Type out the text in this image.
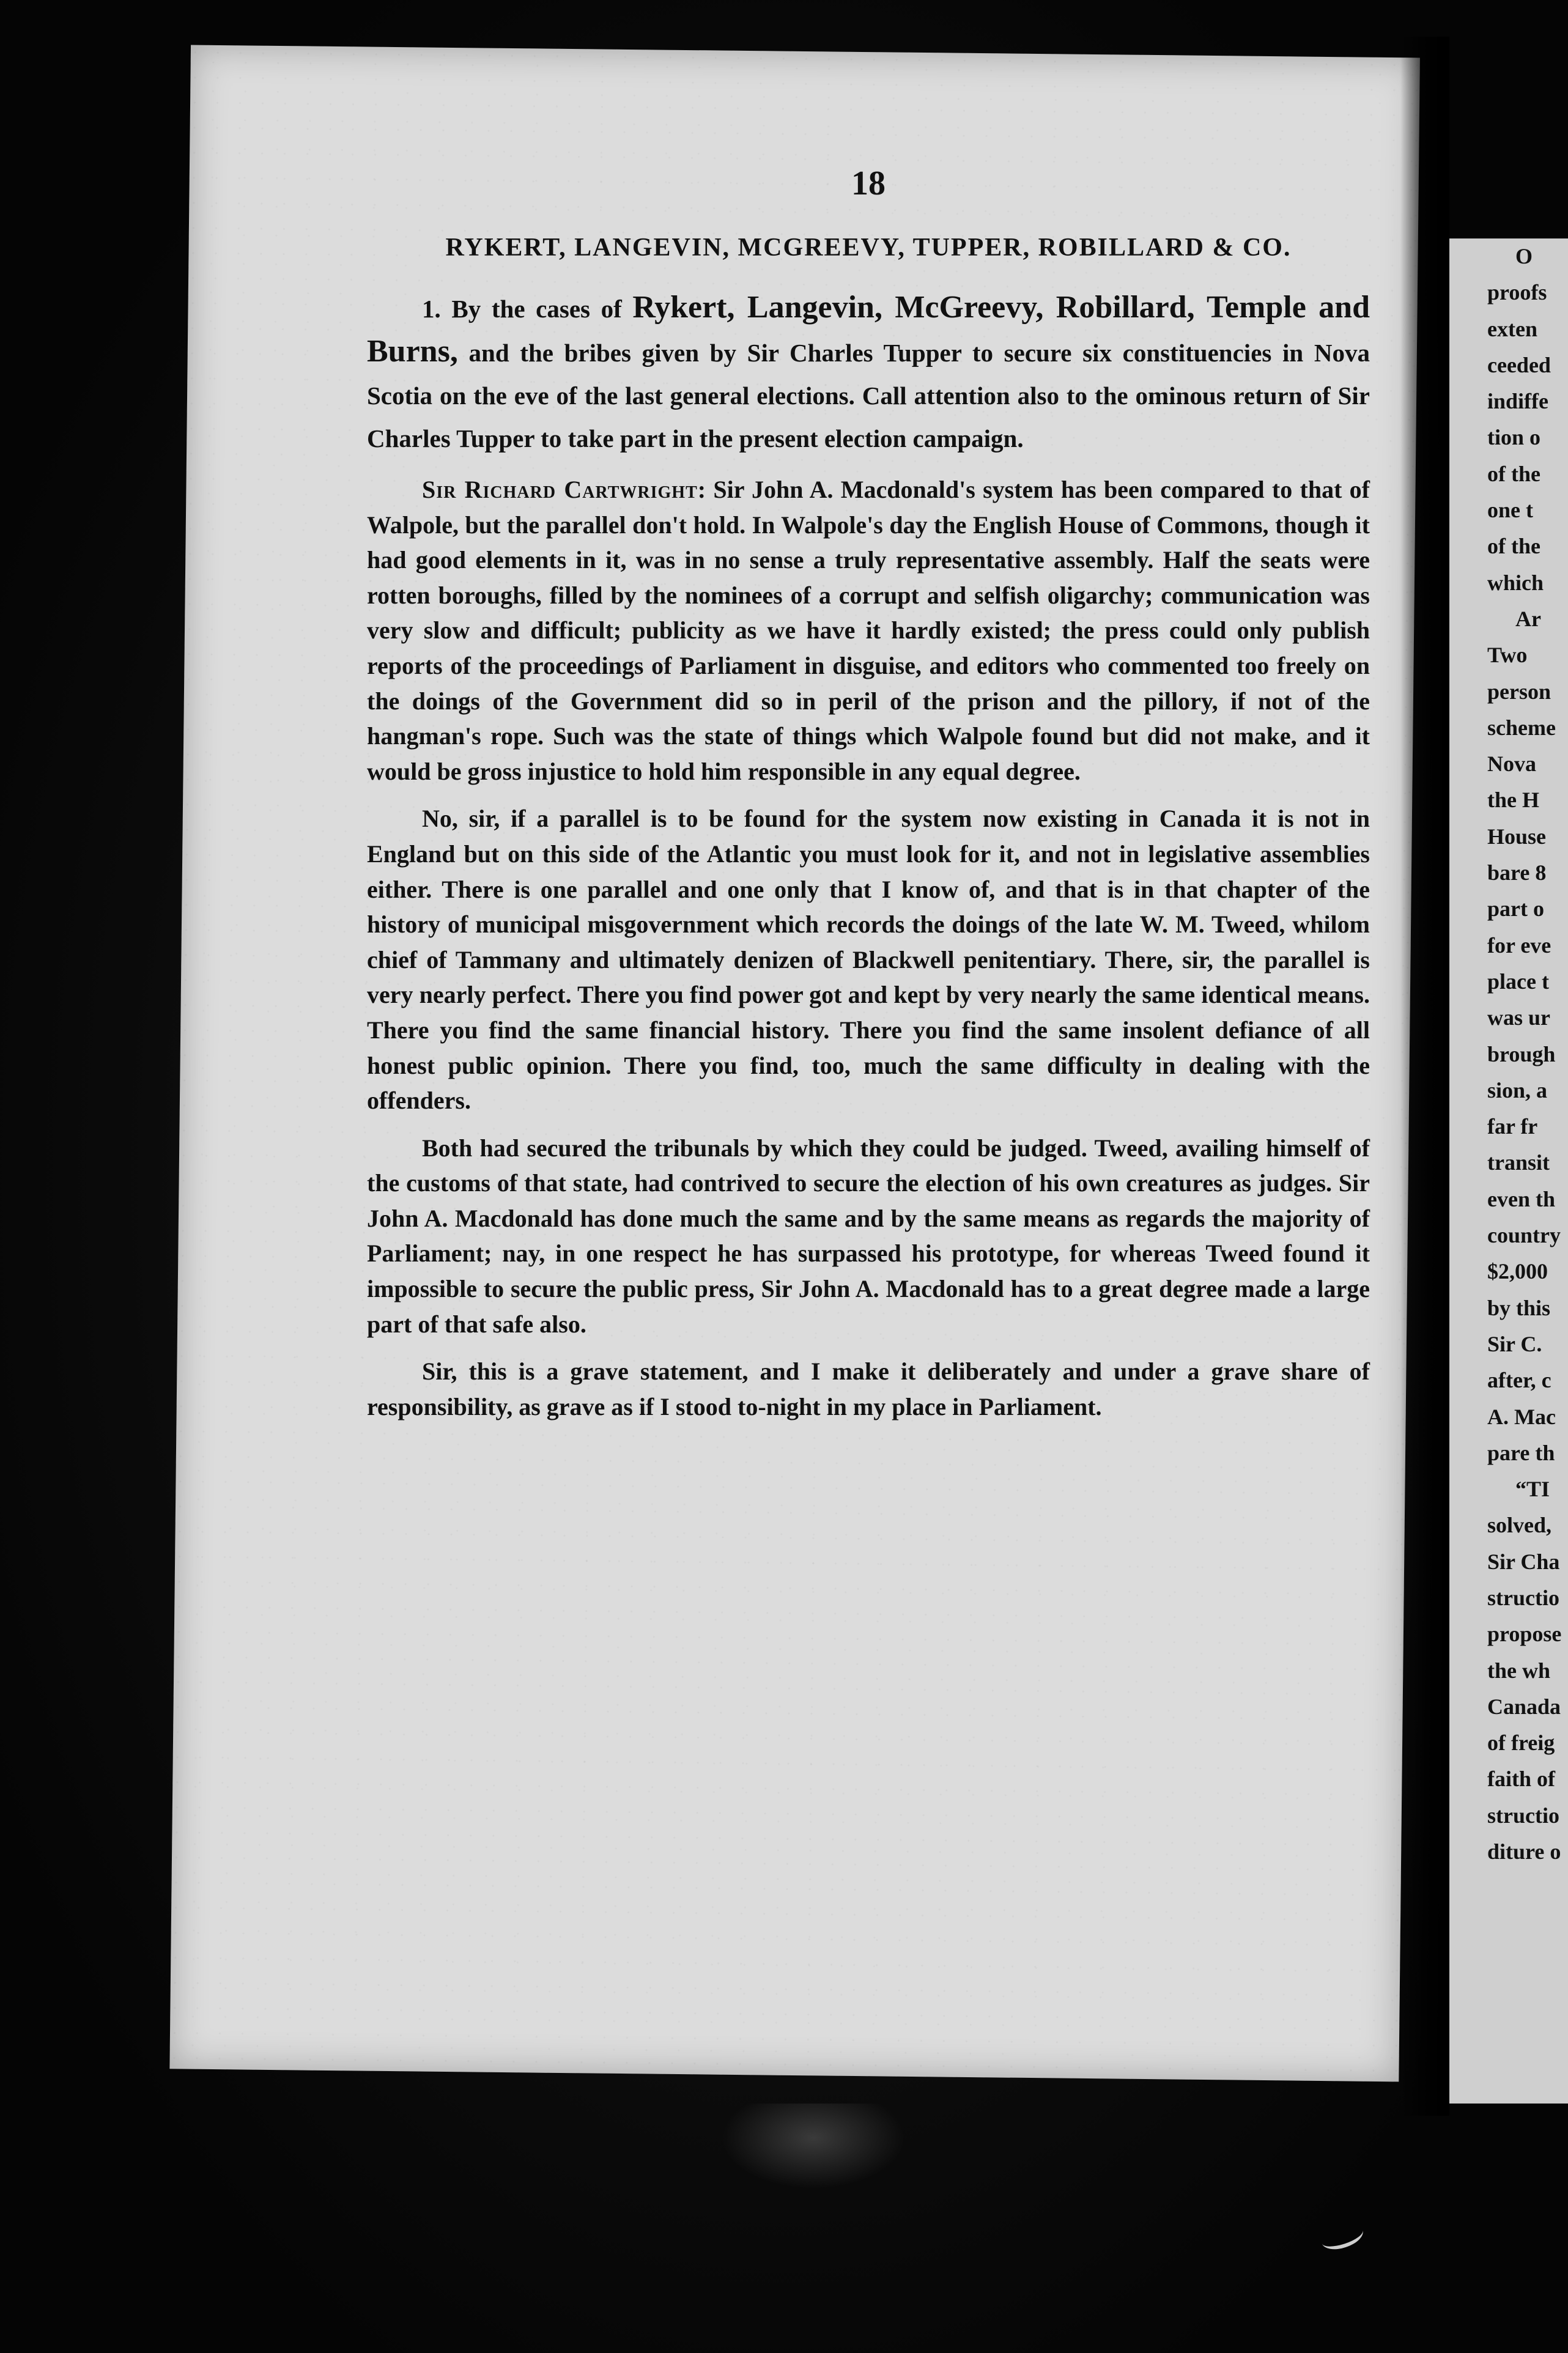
O
proofs
exten
ceeded
indiffe
tion o
of the
one t
of the
which
Ar
Two
person
scheme
Nova
the H
House
bare 8
part o
for eve
place t
was ur
brough
sion, a
far fr
transit
even th
country
$2,000
by this
Sir C.
after, c
A. Mac
pare th
“TI
solved,
Sir Cha
structio
propose
the wh
Canada
of freig
faith of
structio
diture o
18
RYKERT, LANGEVIN, MCGREEVY, TUPPER, ROBILLARD & CO.
1. By the cases of Rykert, Langevin, McGreevy, Robillard, Temple and Burns, and the bribes given by Sir Charles Tupper to secure six constituencies in Nova Scotia on the eve of the last general elections. Call attention also to the ominous return of Sir Charles Tupper to take part in the present election campaign.
Sir Richard Cartwright: Sir John A. Macdonald's system has been compared to that of Walpole, but the parallel don't hold. In Walpole's day the English House of Commons, though it had good elements in it, was in no sense a truly representative assembly. Half the seats were rotten boroughs, filled by the nominees of a corrupt and selfish oligarchy; communication was very slow and difficult; publicity as we have it hardly existed; the press could only publish reports of the proceedings of Parliament in disguise, and editors who commented too freely on the doings of the Government did so in peril of the prison and the pillory, if not of the hangman's rope. Such was the state of things which Walpole found but did not make, and it would be gross injustice to hold him responsible in any equal degree.
No, sir, if a parallel is to be found for the system now existing in Canada it is not in England but on this side of the Atlantic you must look for it, and not in legislative assemblies either. There is one parallel and one only that I know of, and that is in that chapter of the history of municipal misgovernment which records the doings of the late W. M. Tweed, whilom chief of Tammany and ultimately denizen of Blackwell penitentiary. There, sir, the parallel is very nearly perfect. There you find power got and kept by very nearly the same identical means. There you find the same financial history. There you find the same insolent defiance of all honest public opinion. There you find, too, much the same difficulty in dealing with the offenders.
Both had secured the tribunals by which they could be judged. Tweed, availing himself of the customs of that state, had contrived to secure the election of his own creatures as judges. Sir John A. Macdonald has done much the same and by the same means as regards the majority of Parliament; nay, in one respect he has surpassed his prototype, for whereas Tweed found it impossible to secure the public press, Sir John A. Macdonald has to a great degree made a large part of that safe also.
Sir, this is a grave statement, and I make it deliberately and under a grave share of responsibility, as grave as if I stood to-night in my place in Parliament.
